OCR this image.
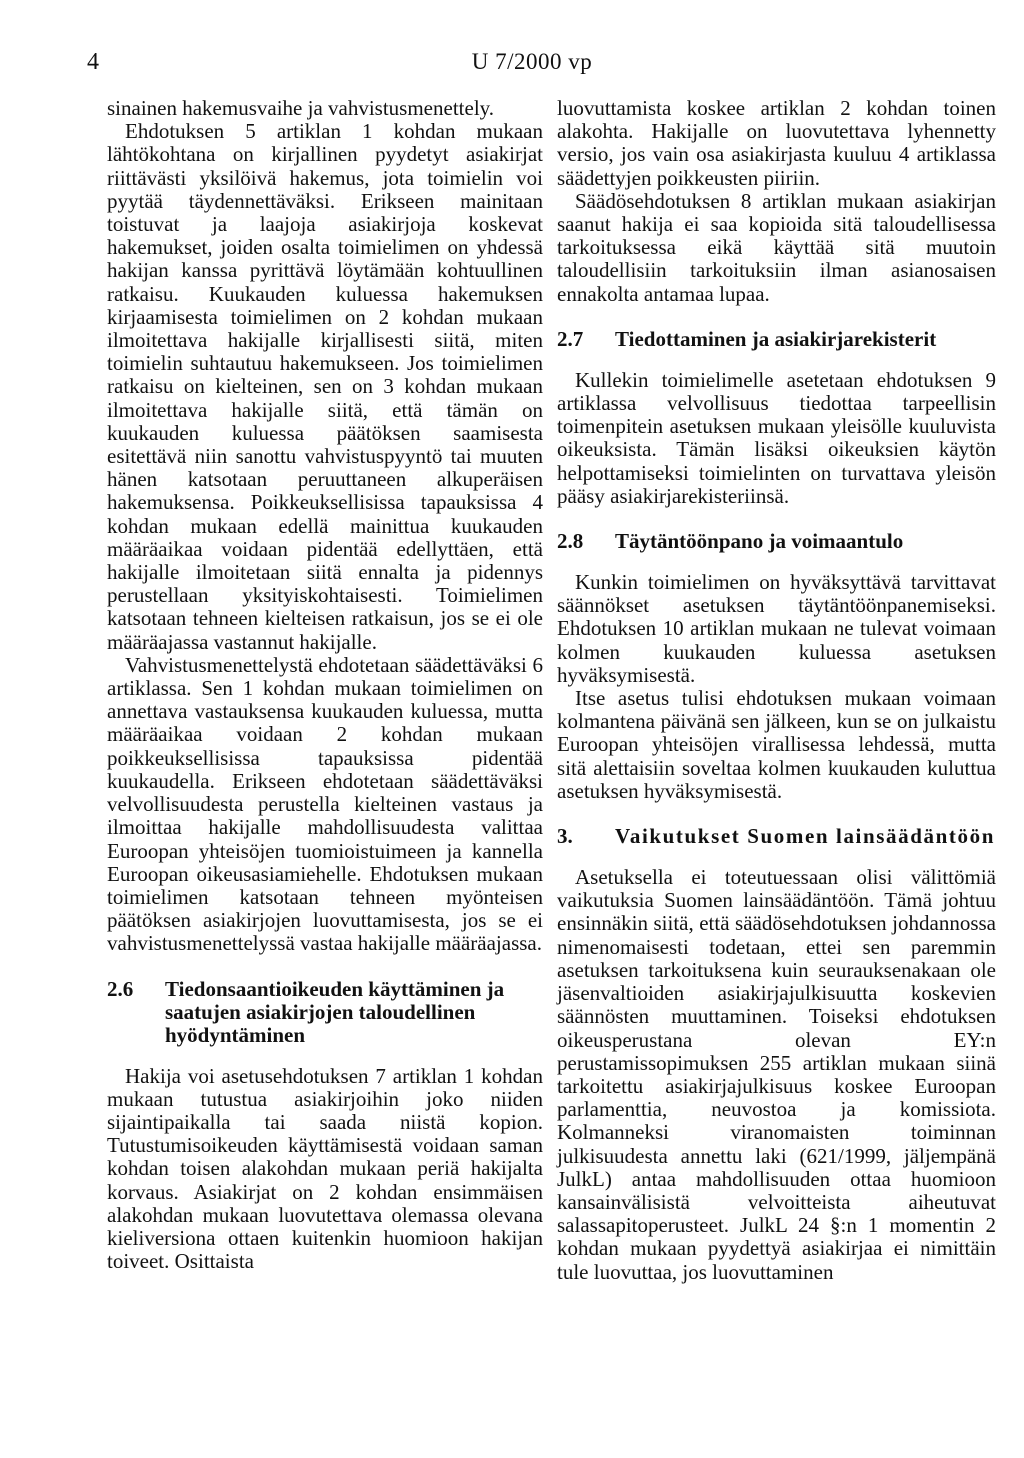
4	U 7/2000 vp

sinainen hakemusvaihe ja vahvistusmenettely.

Ehdotuksen 5 artiklan 1 kohdan mukaan lähtökohtana on kirjallinen pyydetyt asiakirjat riittävästi yksilöivä hakemus, jota toimielin voi pyytää täydennettäväksi. Erikseen mainitaan toistuvat ja laajoja asiakirjoja koskevat hakemukset, joiden osalta toimielimen on yhdessä hakijan kanssa pyrittävä löytämään kohtuullinen ratkaisu. Kuukauden kuluessa hakemuksen kirjaamisesta toimielimen on 2 kohdan mukaan ilmoitettava hakijalle kirjallisesti siitä, miten toimielin suhtautuu hakemukseen. Jos toimielimen ratkaisu on kielteinen, sen on 3 kohdan mukaan ilmoitettava hakijalle siitä, että tämän on kuukauden kuluessa päätöksen saamisesta esitettävä niin sanottu vahvistuspyyntö tai muuten hänen katsotaan peruuttaneen alkuperäisen hakemuksensa. Poikkeuksellisissa tapauksissa 4 kohdan mukaan edellä mainittua kuukauden määräaikaa voidaan pidentää edellyttäen, että hakijalle ilmoitetaan siitä ennalta ja pidennys perustellaan yksityiskohtaisesti. Toimielimen katsotaan tehneen kielteisen ratkaisun, jos se ei ole määräajassa vastannut hakijalle.

Vahvistusmenettelystä ehdotetaan säädettäväksi 6 artiklassa. Sen 1 kohdan mukaan toimielimen on annettava vastauksensa kuukauden kuluessa, mutta määräaikaa voidaan 2 kohdan mukaan poikkeuksellisissa tapauksissa pidentää kuukaudella. Erikseen ehdotetaan säädettäväksi velvollisuudesta perustella kielteinen vastaus ja ilmoittaa hakijalle mahdollisuudesta valittaa Euroopan yhteisöjen tuomioistuimeen ja kannella Euroopan oikeusasiamiehelle. Ehdotuksen mukaan toimielimen katsotaan tehneen myönteisen päätöksen asiakirjojen luovuttamisesta, jos se ei vahvistusmenettelyssä vastaa hakijalle määräajassa.

2.6	Tiedonsaantioikeuden käyttäminen ja saatujen asiakirjojen taloudellinen hyödyntäminen

Hakija voi asetusehdotuksen 7 artiklan 1 kohdan mukaan tutustua asiakirjoihin joko niiden sijaintipaikalla tai saada niistä kopion. Tutustumisoikeuden käyttämisestä voidaan saman kohdan toisen alakohdan mukaan periä hakijalta korvaus. Asiakirjat on 2 kohdan ensimmäisen alakohdan mukaan luovutettava olemassa olevana kieliversiona ottaen kuitenkin huomioon hakijan toiveet. Osittaista

luovuttamista koskee artiklan 2 kohdan toinen alakohta. Hakijalle on luovutettava lyhennetty versio, jos vain osa asiakirjasta kuuluu 4 artiklassa säädettyjen poikkeusten piiriin.

Säädösehdotuksen 8 artiklan mukaan asiakirjan saanut hakija ei saa kopioida sitä taloudellisessa tarkoituksessa eikä käyttää sitä muutoin taloudellisiin tarkoituksiin ilman asianosaisen ennakolta antamaa lupaa.

2.7	Tiedottaminen ja asiakirjarekisterit

Kullekin toimielimelle asetetaan ehdotuksen 9 artiklassa velvollisuus tiedottaa tarpeellisin toimenpitein asetuksen mukaan yleisölle kuuluvista oikeuksista. Tämän lisäksi oikeuksien käytön helpottamiseksi toimielinten on turvattava yleisön pääsy asiakirjarekisteriinsä.

2.8	Täytäntöönpano ja voimaantulo

Kunkin toimielimen on hyväksyttävä tarvittavat säännökset asetuksen täytäntöönpanemiseksi. Ehdotuksen 10 artiklan mukaan ne tulevat voimaan kolmen kuukauden kuluessa asetuksen hyväksymisestä.

Itse asetus tulisi ehdotuksen mukaan voimaan kolmantena päivänä sen jälkeen, kun se on julkaistu Euroopan yhteisöjen virallisessa lehdessä, mutta sitä alettaisiin soveltaa kolmen kuukauden kuluttua asetuksen hyväksymisestä.

3.	Vaikutukset Suomen lainsäädäntöön

Asetuksella ei toteutuessaan olisi välittömiä vaikutuksia Suomen lainsäädäntöön. Tämä johtuu ensinnäkin siitä, että säädösehdotuksen johdannossa nimenomaisesti todetaan, ettei sen paremmin asetuksen tarkoituksena kuin seurauksenakaan ole jäsenvaltioiden asiakirjajulkisuutta koskevien säännösten muuttaminen. Toiseksi ehdotuksen oikeusperustana olevan EY:n perustamissopimuksen 255 artiklan mukaan siinä tarkoitettu asiakirjajulkisuus koskee Euroopan parlamenttia, neuvostoa ja komissiota. Kolmanneksi viranomaisten toiminnan julkisuudesta annettu laki (621/1999, jäljempänä JulkL) antaa mahdollisuuden ottaa huomioon kansainvälisistä velvoitteista aiheutuvat salassapitoperusteet. JulkL 24 §:n 1 momentin 2 kohdan mukaan pyydettyä asiakirjaa ei nimittäin tule luovuttaa, jos luovuttaminen
